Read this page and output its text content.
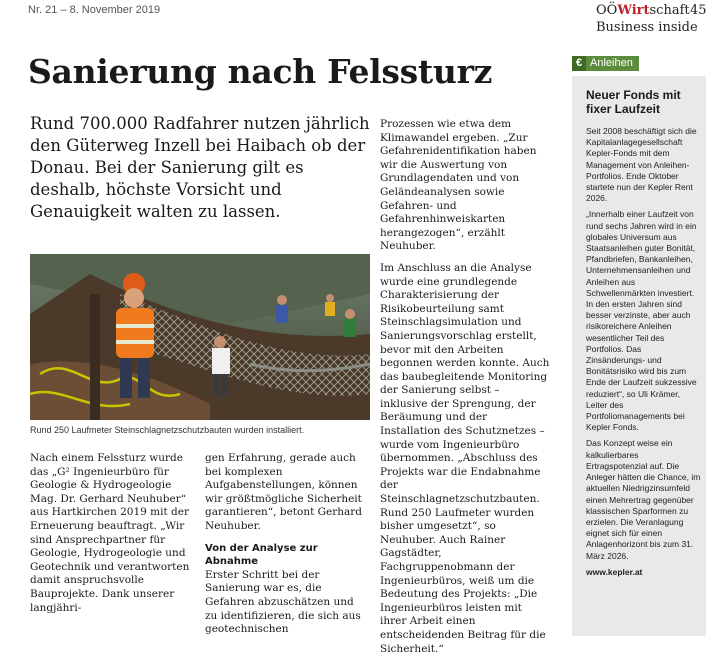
Nr. 21 – 8. November 2019	OÖWirtschaft 45
Business inside
Sanierung nach Felssturz
Rund 700.000 Radfahrer nutzen jährlich den Güterweg Inzell bei Haibach ob der Donau. Bei der Sanierung gilt es deshalb, höchste Vorsicht und Genauigkeit walten zu lassen.
Rund 250 Laufmeter Steinschlagnetzschutzbauten wurden installiert.

Nach einem Felssturz wurde das „G² Ingenieurbüro für Geologie & Hydrogeologie Mag. Dr. Gerhard Neuhuber“ aus Hartkirchen 2019 mit der Erneuerung beauftragt. „Wir sind Ansprechpartner für Geologie, Hydrogeologie und Geotechnik und verantworten damit anspruchsvolle Bauprojekte. Dank unserer langjähri-

gen Erfahrung, gerade auch bei komplexen Aufgabenstellungen, können wir größtmögliche Sicherheit garantieren“, betont Gerhard Neuhuber.

Von der Analyse zur Abnahme

Erster Schritt bei der Sanierung war es, die Gefahren abzuschätzen und zu identifizieren, die sich aus geotechnischen

Prozessen wie etwa dem Klimawandel ergeben. „Zur Gefahrenidentifikation haben wir die Auswertung von Grundlagendaten und von Geländeanalysen sowie Gefahren- und Gefahrenhinweiskarten herangezogen“, erzählt Neuhuber.

Im Anschluss an die Analyse wurde eine grundlegende Charakterisierung der Risikobeurteilung samt Steinschlagsimulation und Sanierungsvorschlag erstellt, bevor mit den Arbeiten begonnen werden konnte. Auch das baubegleitende Monitoring der Sanierung selbst – inklusive der Sprengung, der Beräumung und der Installation des Schutznetzes – wurde vom Ingenieurbüro übernommen. „Abschluss des Projekts war die Endabnahme der Steinschlagnetzschutzbauten. Rund 250 Laufmeter wurden bisher umgesetzt“, so Neuhuber. Auch Rainer Gagstädter, Fachgruppenobmann der Ingenieurbüros, weiß um die Bedeutung des Projekts: „Die Ingenieurbüros leisten mit ihrer Arbeit einen entscheidenden Beitrag für die Sicherheit.“

€ Anleihen
Neuer Fonds mit fixer Laufzeit

Seit 2008 beschäftigt sich die Kapitalanlagegesellschaft Kepler-Fonds mit dem Management von Anleihen-Portfolios. Ende Oktober startete nun der Kepler Rent 2026.

„Innerhalb einer Laufzeit von rund sechs Jahren wird in ein globales Universum aus Staatsanleihen guter Bonität, Pfandbriefen, Bankanleihen, Unternehmensanleihen und Anleihen aus Schwellenmärkten investiert. In den ersten Jahren sind besser verzinste, aber auch risikoreichere Anleihen wesentlicher Teil des Portfolios. Das Zinsänderungs- und Bonitätsrisiko wird bis zum Ende der Laufzeit sukzessive reduziert“, so Uli Krämer, Leiter des Portfoliomanagements bei Kepler Fonds.

Das Konzept weise ein kalkulierbares Ertragspotenzial auf. Die Anleger hätten die Chance, im aktuellen Niedrigzinsumfeld einen Mehrertrag gegenüber klassischen Sparformen zu erzielen. Die Veranlagung eignet sich für einen Anlagenhorizont bis zum 31. März 2026.

www.kepler.at
